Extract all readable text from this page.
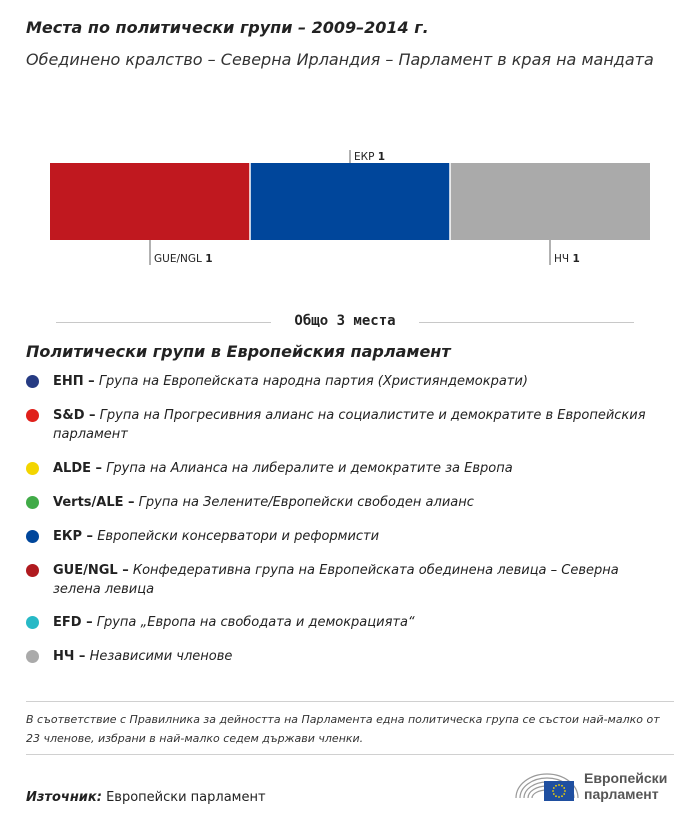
Места по политически групи – 2009–2014 г.
Обединено кралство – Северна Ирландия – Парламент в края на мандата
GUE/NGL 1
ЕКР 1
НЧ 1
Общо 3 места
Политически групи в Европейския парламент
ЕНП – Група на Европейската народна партия (Християндемократи)
S&D – Група на Прогресивния алианс на социалистите и демократите в Европейския парламент
ALDE – Група на Алианса на либералите и демократите за Европа
Verts/ALE – Група на Зелените/Европейски свободен алианс
ЕКР – Европейски консерватори и реформисти
GUE/NGL – Конфедеративна група на Европейската обединена левица – Северна зелена левица
EFD – Група „Европа на свободата и демокрацията“
НЧ – Независими членове
В съответствие с Правилника за дейността на Парламента една политическа група се състои най-малко от 23 членове, избрани в най-малко седем държави членки.
Източник: Европейски парламент
Европейски
парламент
